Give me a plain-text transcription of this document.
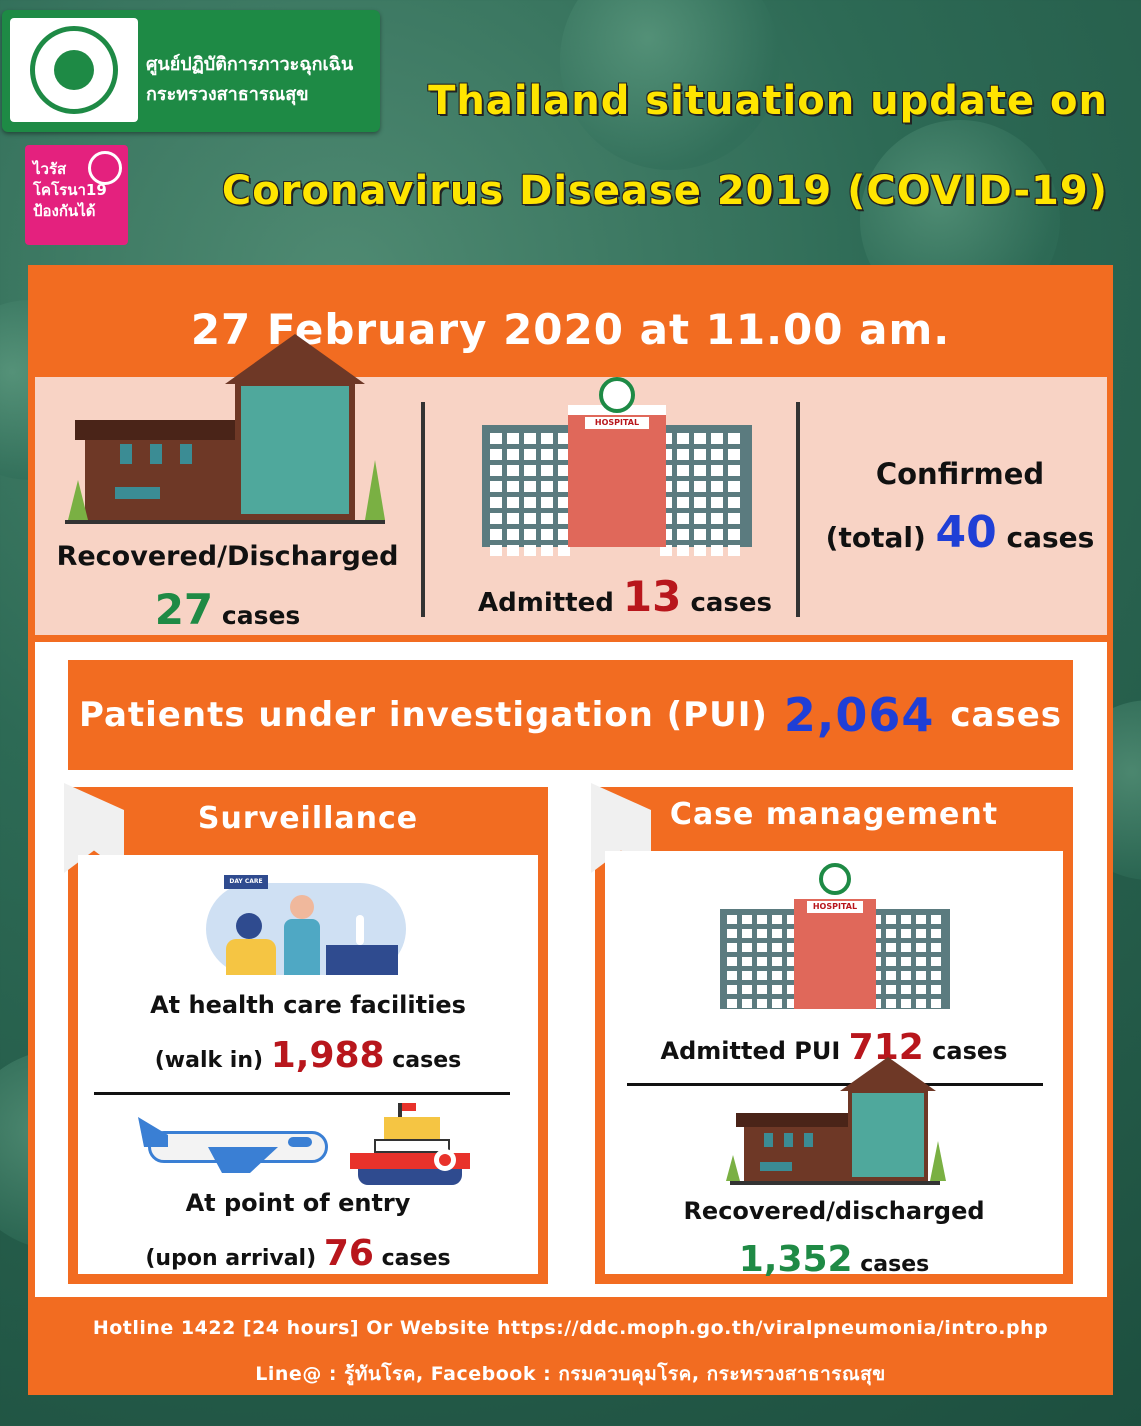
ศูนย์ปฏิบัติการภาวะฉุกเฉิน
กระทรวงสาธารณสุข
ไวรัส
โคโรนา19
ป้องกันได้
Thailand situation update on
Coronavirus Disease 2019 (COVID-19)
27 February 2020 at 11.00 am.
Recovered/Discharged
27 cases
HOSPITAL
Admitted 13 cases
Confirmed
(total) 40 cases
Patients under investigation (PUI) 2,064 cases
Surveillance
DAY CARE
At health care facilities
(walk in) 1,988 cases
At point of entry
(upon arrival) 76 cases
Case management
HOSPITAL
Admitted PUI 712 cases
Recovered/discharged
1,352 cases
Hotline 1422 [24 hours] Or Website https://ddc.moph.go.th/viralpneumonia/intro.php
Line@ : รู้ทันโรค, Facebook : กรมควบคุมโรค, กระทรวงสาธารณสุข
